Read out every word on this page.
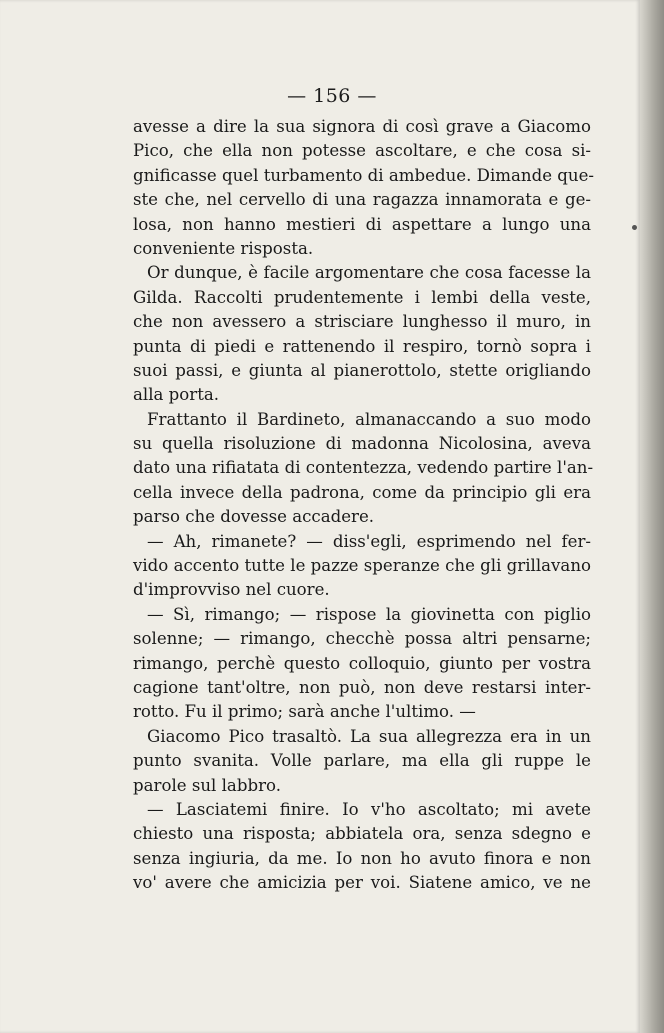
— 156 —
avesse a dire la sua signora di così grave a Giacomo
Pico, che ella non potesse ascoltare, e che cosa si-
gnificasse quel turbamento di ambedue. Dimande que-
ste che, nel cervello di una ragazza innamorata e ge-
losa, non hanno mestieri di aspettare a lungo una
conveniente risposta.
Or dunque, è facile argomentare che cosa facesse la
Gilda. Raccolti prudentemente i lembi della veste,
che non avessero a strisciare lunghesso il muro, in
punta di piedi e rattenendo il respiro, tornò sopra i
suoi passi, e giunta al pianerottolo, stette origliando
alla porta.
Frattanto il Bardineto, almanaccando a suo modo
su quella risoluzione di madonna Nicolosina, aveva
dato una rifiatata di contentezza, vedendo partire l'an-
cella invece della padrona, come da principio gli era
parso che dovesse accadere.
— Ah, rimanete? — diss'egli, esprimendo nel fer-
vido accento tutte le pazze speranze che gli grillavano
d'improvviso nel cuore.
— Sì, rimango; — rispose la giovinetta con piglio
solenne; — rimango, checchè possa altri pensarne;
rimango, perchè questo colloquio, giunto per vostra
cagione tant'oltre, non può, non deve restarsi inter-
rotto. Fu il primo; sarà anche l'ultimo. —
Giacomo Pico trasaltò. La sua allegrezza era in un
punto svanita. Volle parlare, ma ella gli ruppe le
parole sul labbro.
— Lasciatemi finire. Io v'ho ascoltato; mi avete
chiesto una risposta; abbiatela ora, senza sdegno e
senza ingiuria, da me. Io non ho avuto finora e non
vo' avere che amicizia per voi. Siatene amico, ve ne
